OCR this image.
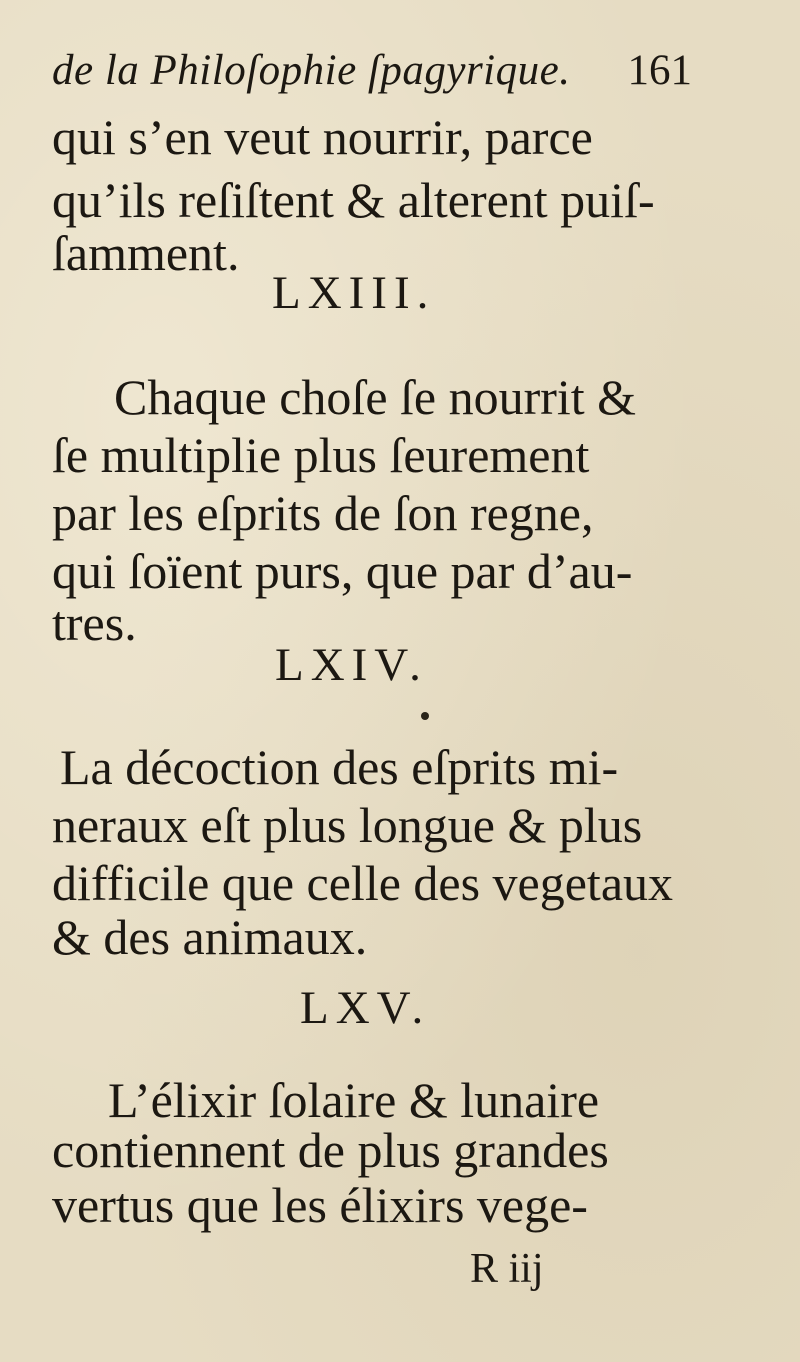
de la Philoſophie ſpagyrique. 161
qui s’en veut nourrir, parce
qu’ils reſiſtent & alterent puiſ-
ſamment.
LXIII.
Chaque choſe ſe nourrit &
ſe multiplie plus ſeurement
par les eſprits de ſon regne,
qui ſoïent purs, que par d’au-
tres.
LXIV.
La décoction des eſprits mi-
neraux eſt plus longue & plus
difficile que celle des vegetaux
& des animaux.
LXV.
L’élixir ſolaire & lunaire
contiennent de plus grandes
vertus que les élixirs vege-
R iij
